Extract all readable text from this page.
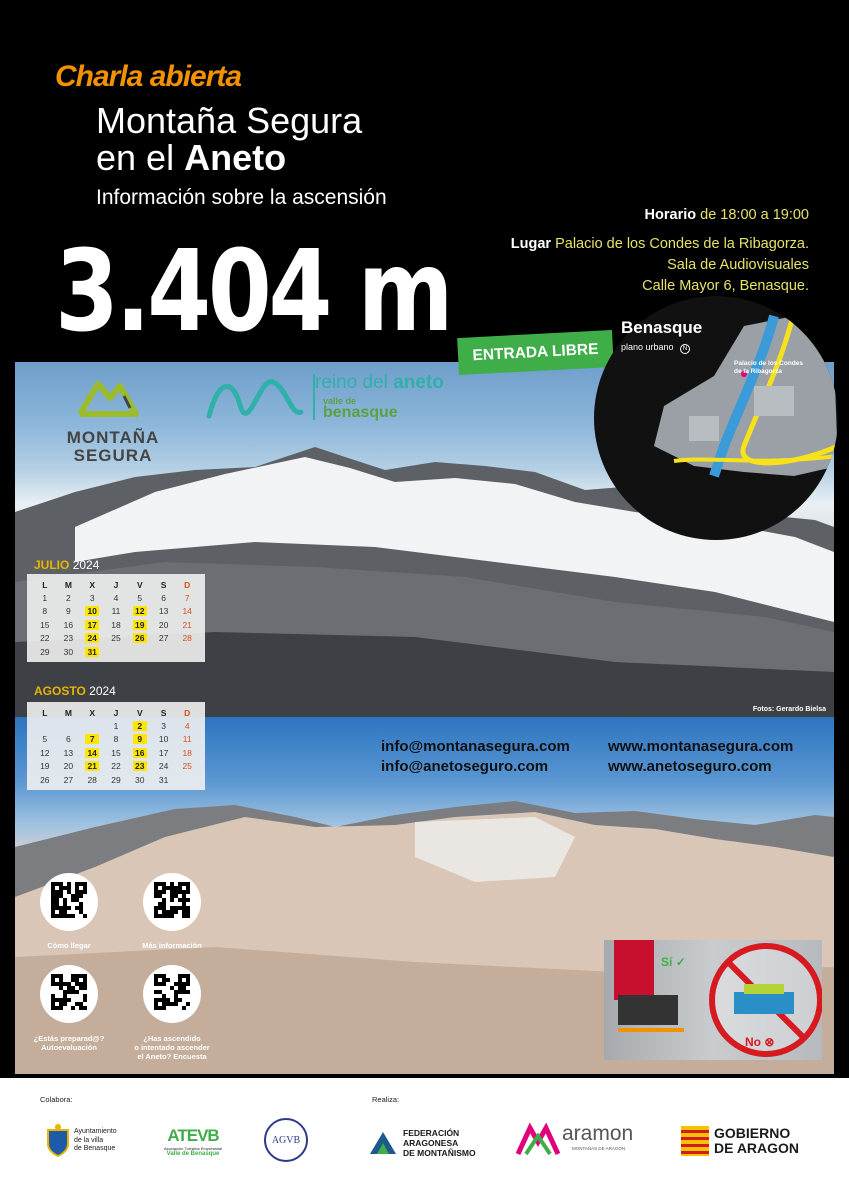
Charla abierta
Montaña Segura
en el Aneto
Información sobre la ascensión
3.404 m
Horario de 18:00 a 19:00
Lugar Palacio de los Condes de la Ribagorza.
Sala de Audiovisuales
Calle Mayor 6, Benasque.
Fotos: Gerardo Bielsa
MONTAÑA
SEGURA
reino del aneto
valle de
benasque
ENTRADA LIBRE
Benasque
plano urbano N
Palacio de los Condes
de la Ribagorza
JULIO 2024
L	M	X	J	V	S	D
1	2	3	4	5	6	7
8	9	10	11	12	13	14
15	16	17	18	19	20	21
22	23	24	25	26	27	28
29	30	31				
AGOSTO 2024
L	M	X	J	V	S	D
			1	2	3	4
5	6	7	8	9	10	11
12	13	14	15	16	17	18
19	20	21	22	23	24	25
26	27	28	29	30	31	
info@montanasegura.com
info@anetoseguro.com
www.montanasegura.com
www.anetoseguro.com
Cómo llegar	Más información
¿Estás preparad@?
Autoevaluación
¿Has ascendido
o intentado ascender
el Aneto? Encuesta
Sí ✓
No ⊗
Colabora:	Realiza:
Ayuntamiento
de la villa
de Benasque
ATEVB
Asociación Turística Empresarial
Valle de Benasque
AGVB
FEDERACIÓN
ARAGONESA
DE MONTAÑISMO
aramon
MONTAÑAS DE ARAGÓN
GOBIERNO
DE ARAGON
